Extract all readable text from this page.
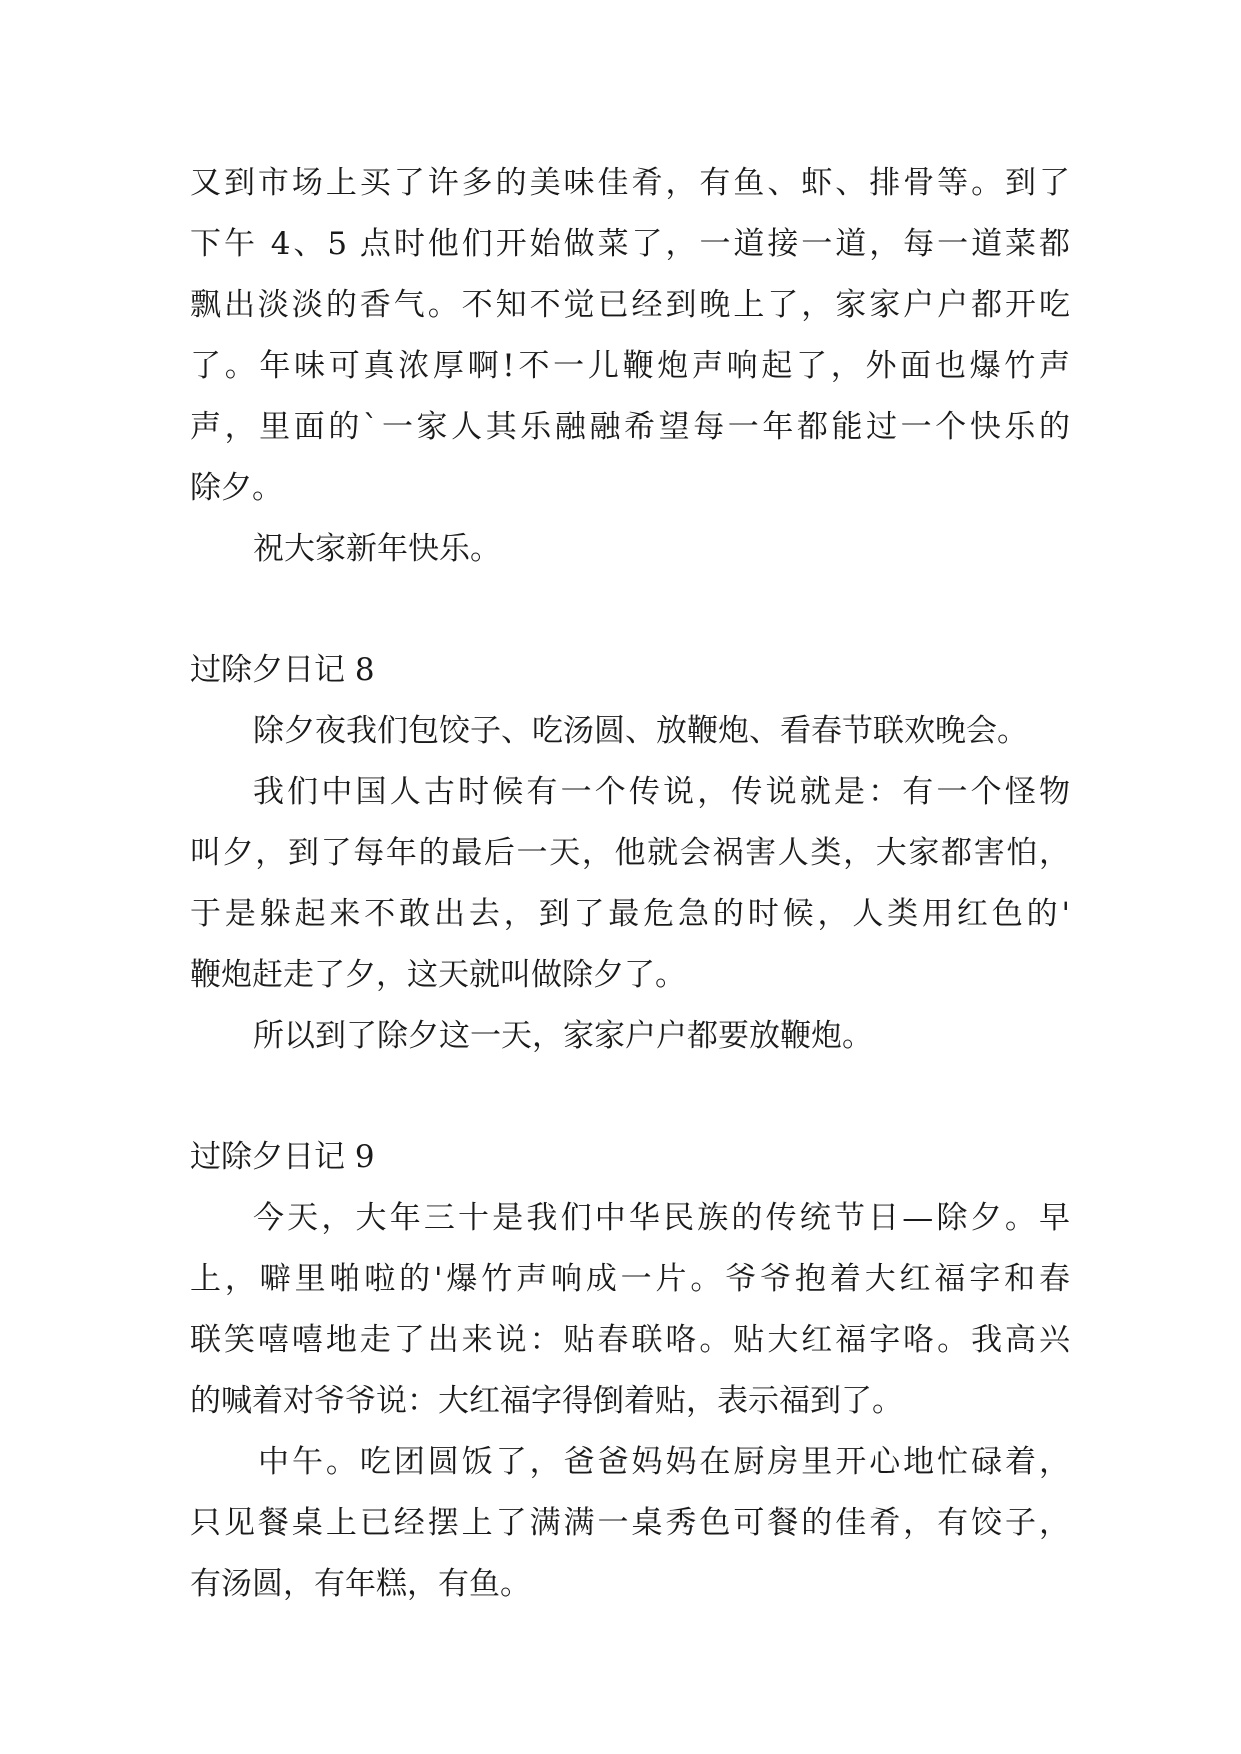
又到市场上买了许多的美味佳肴，有鱼、虾、排骨等。到了
下午 4、5 点时他们开始做菜了，一道接一道，每一道菜都
飘出淡淡的香气。不知不觉已经到晚上了，家家户户都开吃
了。年味可真浓厚啊!不一儿鞭炮声响起了，外面也爆竹声
声，里面的`一家人其乐融融希望每一年都能过一个快乐的
除夕。
祝大家新年快乐。
过除夕日记 8
除夕夜我们包饺子、吃汤圆、放鞭炮、看春节联欢晚会。
我们中国人古时候有一个传说，传说就是：有一个怪物
叫夕，到了每年的最后一天，他就会祸害人类，大家都害怕，
于是躲起来不敢出去，到了最危急的时候，人类用红色的'
鞭炮赶走了夕，这天就叫做除夕了。
所以到了除夕这一天，家家户户都要放鞭炮。
过除夕日记 9
今天，大年三十是我们中华民族的传统节日—除夕。早
上，噼里啪啦的'爆竹声响成一片。爷爷抱着大红福字和春
联笑嘻嘻地走了出来说：贴春联咯。贴大红福字咯。我高兴
的喊着对爷爷说：大红福字得倒着贴，表示福到了。
中午。吃团圆饭了，爸爸妈妈在厨房里开心地忙碌着，
只见餐桌上已经摆上了满满一桌秀色可餐的佳肴，有饺子，
有汤圆，有年糕，有鱼。
